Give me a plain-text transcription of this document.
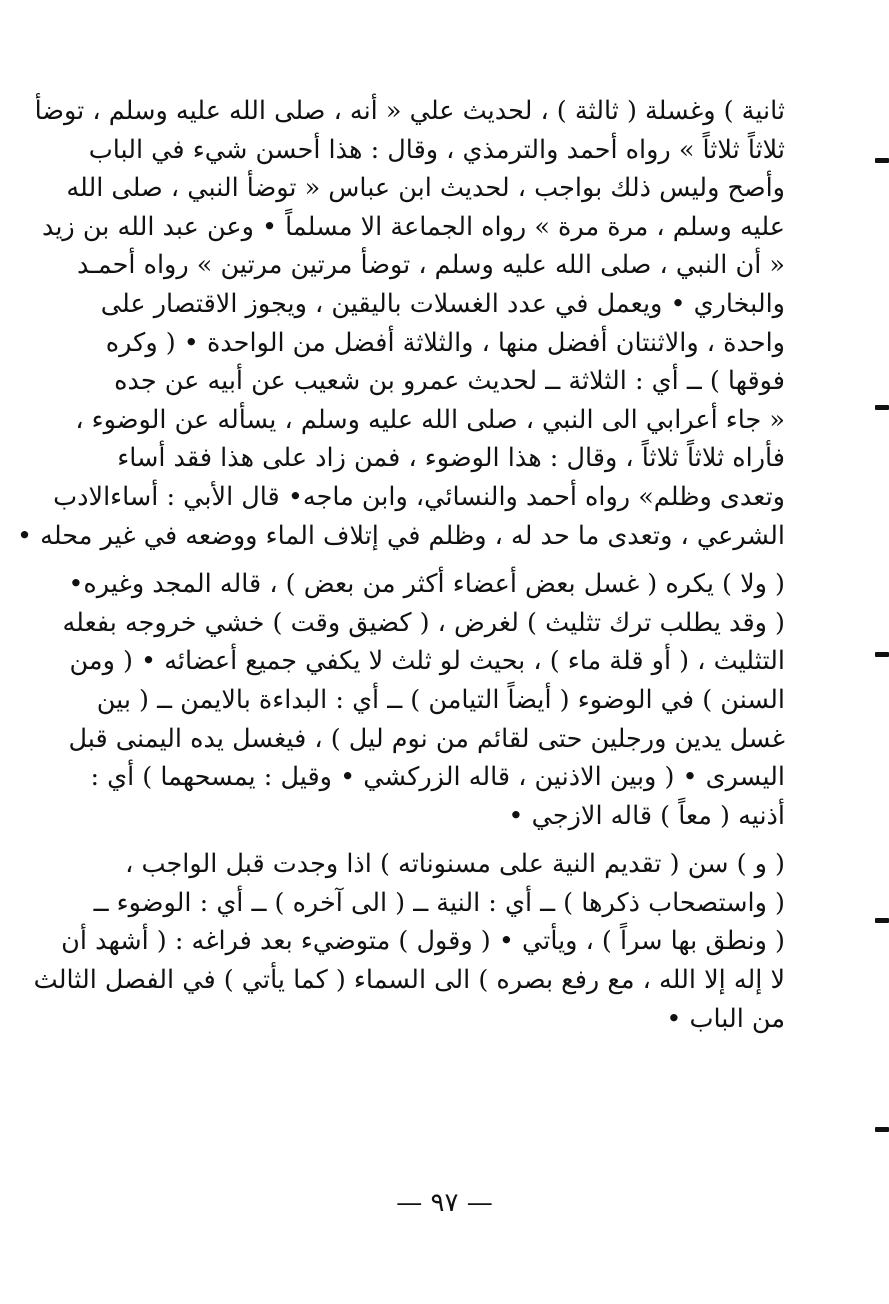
ثانية ) وغسلة ( ثالثة ) ، لحديث علي « أنه ، صلى الله عليه وسلم ، توضأ
ثلاثاً ثلاثاً » رواه أحمد والترمذي ، وقال : هذا أحسن شيء في الباب
وأصح وليس ذلك بواجب ، لحديث ابن عباس « توضأ النبي ، صلى الله
عليه وسلم ، مرة مرة » رواه الجماعة الا مسلماً • وعن عبد الله بن زيد
« أن النبي ، صلى الله عليه وسلم ، توضأ مرتين مرتين » رواه أحمـد
والبخاري • ويعمل في عدد الغسلات باليقين ، ويجوز الاقتصار على
واحدة ، والاثنتان أفضل منها ، والثلاثة أفضل من الواحدة • ( وكره
فوقها ) ــ أي : الثلاثة ــ لحديث عمرو بن شعيب عن أبيه عن جده
« جاء أعرابي الى النبي ، صلى الله عليه وسلم ، يسأله عن الوضوء ،
فأراه ثلاثاً ثلاثاً ، وقال : هذا الوضوء ، فمن زاد على هذا فقد أساء
وتعدى وظلم» رواه أحمد والنسائي، وابن ماجه• قال الأبي : أساءالادب
الشرعي ، وتعدى ما حد له ، وظلم في إتلاف الماء ووضعه في غير محله •

( ولا ) يكره ( غسل بعض أعضاء أكثر من بعض ) ، قاله المجد وغيره•
( وقد يطلب ترك تثليث ) لغرض ، ( كضيق وقت ) خشي خروجه بفعله
التثليث ، ( أو قلة ماء ) ، بحيث لو ثلث لا يكفي جميع أعضائه • ( ومن
السنن ) في الوضوء ( أيضاً التيامن ) ــ أي : البداءة بالايمن ــ ( بين
غسل يدين ورجلين حتى لقائم من نوم ليل ) ، فيغسل يده اليمنى قبل
اليسرى • ( وبين الاذنين ، قاله الزركشي • وقيل : يمسحهما ) أي :
أذنيه ( معاً ) قاله الازجي •

( و ) سن ( تقديم النية على مسنوناته ) اذا وجدت قبل الواجب ،
( واستصحاب ذكرها ) ــ أي : النية ــ ( الى آخره ) ــ أي : الوضوء ــ
( ونطق بها سراً ) ، ويأتي • ( وقول ) متوضيء بعد فراغه : ( أشهد أن
لا إله إلا الله ، مع رفع بصره ) الى السماء ( كما يأتي ) في الفصل الثالث
من الباب •

— ٩٧ —
